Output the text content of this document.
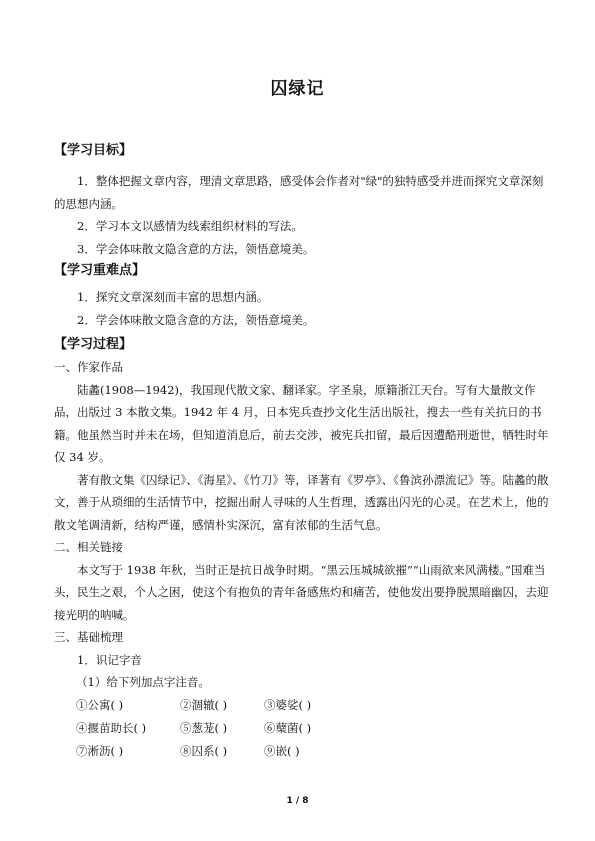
囚绿记

【学习目标】

1．整体把握文章内容，理清文章思路，感受体会作者对"绿"的独特感受并进而探究文章深刻的思想内涵。

2．学习本文以感情为线索组织材料的写法。

3．学会体味散文隐含意的方法，领悟意境美。

【学习重难点】

1．探究文章深刻而丰富的思想内涵。

2．学会体味散文隐含意的方法，领悟意境美。

【学习过程】

一、作家作品

陆蠡(1908—1942)，我国现代散文家、翻译家。字圣泉，原籍浙江天台。写有大量散文作品，出版过 3 本散文集。1942 年 4 月，日本宪兵查抄文化生活出版社，搜去一些有关抗日的书籍。他虽然当时并未在场，但知道消息后，前去交涉，被宪兵扣留，最后因遭酷刑逝世，牺牲时年仅 34 岁。

著有散文集《囚绿记》、《海星》、《竹刀》等，译著有《罗亭》、《鲁滨孙漂流记》等。陆蠡的散文，善于从琐细的生活情节中，挖掘出耐人寻味的人生哲理，透露出闪光的心灵。在艺术上，他的散文笔调清新，结构严谨，感情朴实深沉，富有浓郁的生活气息。

二、相关链接

本文写于 1938 年秋，当时正是抗日战争时期。“黑云压城城欲摧”“山雨欲来风满楼。”国难当头，民生之艰，个人之困，使这个有抱负的青年备感焦灼和痛苦，使他发出要挣脱黑暗幽囚，去迎接光明的呐喊。

三、基础梳理

1．识记字音

（1）给下列加点字注音。

①公寓( )	②涸辙( )	③婆娑( )
④揠苗助长( )	⑤葱茏( )	⑥蘖菌( )
⑦淅沥( )	⑧囚系( )	⑨嵌( )
1 / 8
